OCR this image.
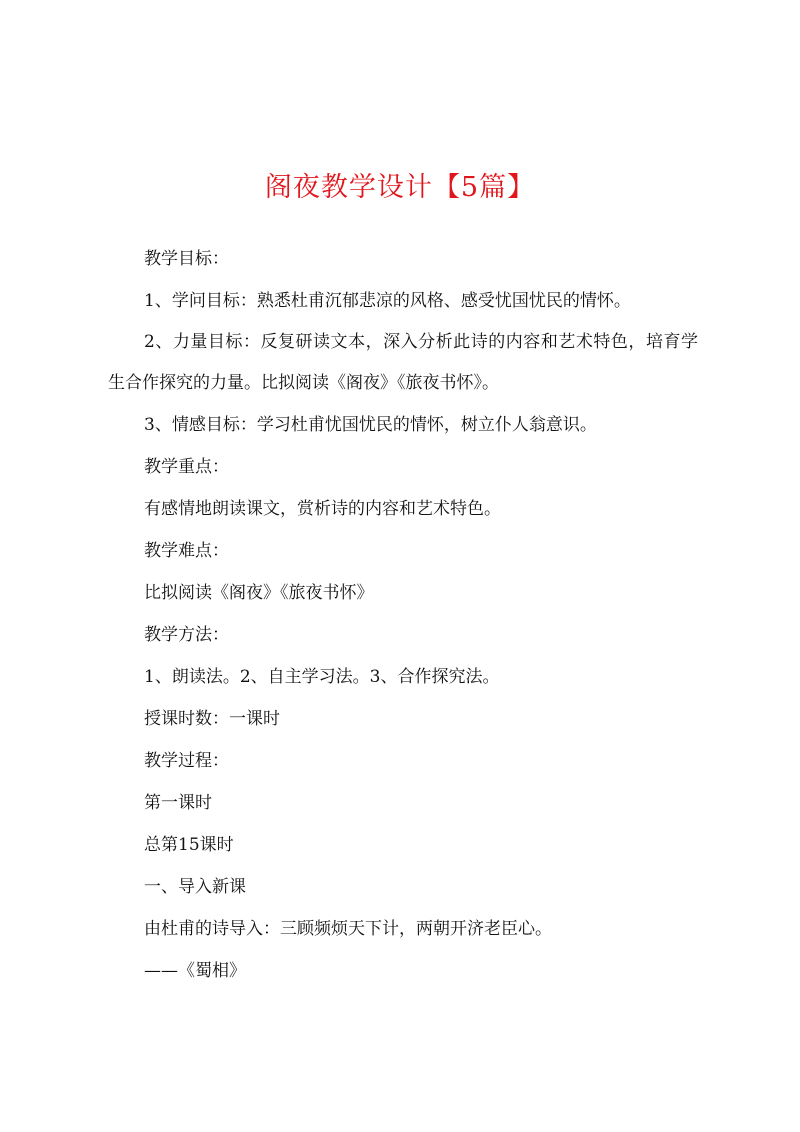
阁夜教学设计【5篇】

教学目标：

1、学问目标：熟悉杜甫沉郁悲凉的风格、感受忧国忧民的情怀。

2、力量目标：反复研读文本，深入分析此诗的内容和艺术特色，培育学生合作探究的力量。比拟阅读《阁夜》《旅夜书怀》。

3、情感目标：学习杜甫忧国忧民的情怀，树立仆人翁意识。

教学重点：

有感情地朗读课文，赏析诗的内容和艺术特色。

教学难点：

比拟阅读《阁夜》《旅夜书怀》

教学方法：

1、朗读法。2、自主学习法。3、合作探究法。

授课时数：一课时

教学过程：

第一课时

总第15课时

一、导入新课

由杜甫的诗导入：三顾频烦天下计，两朝开济老臣心。

——《蜀相》
